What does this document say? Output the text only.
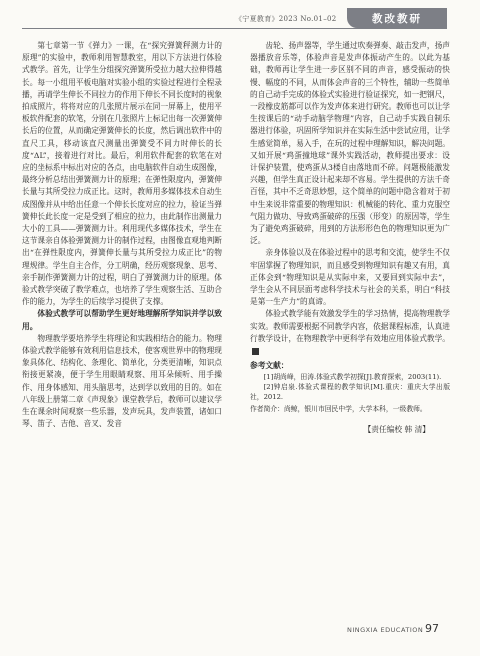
《宁夏教育》2023 No.01–02	教改教研

第七章第一节《弹力》一课，在“探究弹簧秤测力计的原理”的实验中，教师利用智慧教室，用以下方法进行体验式教学。首先，让学生分组探究弹簧所受拉力越大拉伸得越长。每一小组用平板电脑对实验小组的实验过程进行全程录播，再请学生伸长不同拉力的作用下伸长不同长度时的视象拍成照片，将将对应的几张照片展示在同一屏幕上，使用平板软件配套的软笔，分别在几张照片上标记出每一次弹簧伸长后的位置，从而确定弹簧伸长的长度，然后调出软件中的直尺工具，移动该直尺测量出弹簧受不同力时伸长的长度“ΔL”，接着进行对比。最后，利用软件配套的软笔在对应的坐标系中标出对应的各点，由电脑软件自动生成图像，最终分析总结出弹簧测力计的原理；在弹性限度内，弹簧伸长量与其所受拉力成正比。这时，教师用多媒体技术自动生成图像并从中给出任意一个伸长长度对应的拉力，验证当弹簧伸长此长度一定是受到了相应的拉力，由此制作出测量力大小的工具——弹簧测力计。利用现代多媒体技术，学生在这节课亲自体验弹簧测力计的制作过程，由图像直观地判断出“在弹性限度内，弹簧伸长量与其所受拉力成正比”的物理规律。学生自主合作，分工明确，经历观察现象、思考、亲手制作弹簧测力计的过程，明白了弹簧测力计的原理。体验式教学突破了教学难点，也培养了学生观察生活、互助合作的能力，为学生的后续学习提供了支撑。

体验式教学可以帮助学生更好地理解所学知识并学以致用。

物理教学要培养学生将理论和实践相结合的能力。物理体验式教学能够有效利用信息技术，使客观世界中的物理现象具体化、结构化、条理化、简单化，分类更清晰，知识点衔接更紧凑，便于学生用眼睛观察、用耳朵倾听、用手操作、用身体感知、用头脑思考，达到学以致用的目的。如在八年级上册第二章《声现象》课堂教学后，教师可以建议学生在课余时间观察一些乐器，发声玩具，发声装置，诸如口琴、笛子、吉他、音叉、发音

齿轮、扬声器等，学生通过吹奏弹奏、敲击发声，扬声器播放音乐等，体验声音是发声体振动产生的。以此为基础，教师再让学生进一步区别不同的声音，感受振动的快慢、幅度的不同，从而体会声音的三个特性，辅助一些简单的自己动手完成的体验式实验进行验证探究，如一把钢尺，一段橡皮筋都可以作为发声体来进行研究。教师也可以让学生按课后的“动手动脑学物理”内容，自己动手实践自制乐器进行体验，巩固所学知识并在实际生活中尝试应用，让学生感觉简单，易入手，在玩的过程中理解知识，解决问题。又如开展“鸡蛋撞地球”课外实践活动，教师提出要求：设计保护装置，使鸡蛋从3楼自由落地而不碎。问题极能激发兴趣，但学生真正设计起来却不容易。学生提供的方法千奇百怪，其中不乏奇思妙想，这个简单的问题中隐含着对于初中生来说非常重要的物理知识：机械能的转化、重力克服空气阻力做功、导致鸡蛋破碎的压强（形变）的原因等，学生为了避免鸡蛋破碎，用到的方法形形色色的物理知识更为广泛。

亲身体验以及在体验过程中的思考和交流，使学生不仅牢固掌握了物理知识，而且感受到物理知识有趣又有用，真正体会到“物理知识是从实际中来，又要回到实际中去”，学生会从不同层面考虑科学技术与社会的关系，明白“科技是第一生产力”的真谛。

体验式教学能有效激发学生的学习热情，提高物理教学实效。教师需要根据不同教学内容，依据课程标准，认真进行教学设计，在物理教学中更科学有效地应用体验式教学。

参考文献：

[1]胡尚峰，田涛.体验式教学初探[J].教育探索，2003(11).

[2]钟启泉.体验式课程的教学知识[M].重庆：重庆大学出版社，2012.

作者简介：尚鲸，银川市回民中学，大学本科，一级教师。
【责任编校 韩 清】
NINGXIA EDUCATION 97
